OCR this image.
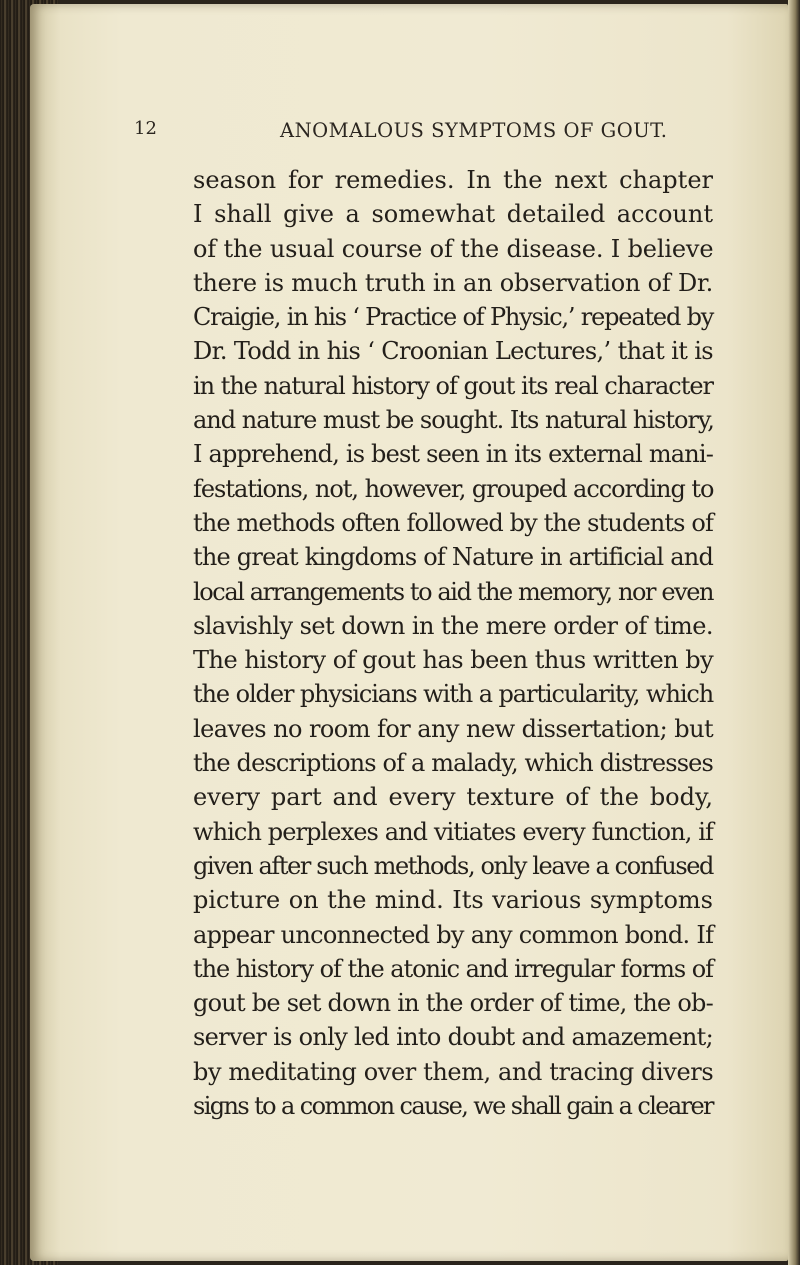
12	ANOMALOUS SYMPTOMS OF GOUT.
season for remedies. In the next chapter
I shall give a somewhat detailed account
of the usual course of the disease. I believe
there is much truth in an observation of Dr.
Craigie, in his ‘ Practice of Physic,’ repeated by
Dr. Todd in his ‘ Croonian Lectures,’ that it is
in the natural history of gout its real character
and nature must be sought. Its natural history,
I apprehend, is best seen in its external mani-
festations, not, however, grouped according to
the methods often followed by the students of
the great kingdoms of Nature in artificial and
local arrangements to aid the memory, nor even
slavishly set down in the mere order of time.
The history of gout has been thus written by
the older physicians with a particularity, which
leaves no room for any new dissertation; but
the descriptions of a malady, which distresses
every part and every texture of the body,
which perplexes and vitiates every function, if
given after such methods, only leave a confused
picture on the mind. Its various symptoms
appear unconnected by any common bond. If
the history of the atonic and irregular forms of
gout be set down in the order of time, the ob-
server is only led into doubt and amazement;
by meditating over them, and tracing divers
signs to a common cause, we shall gain a clearer
